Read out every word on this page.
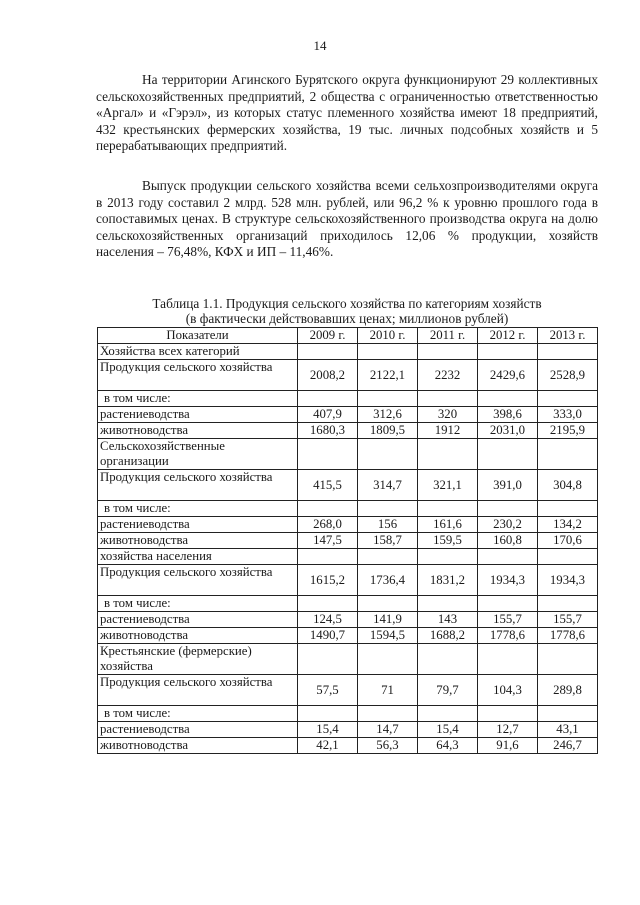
14

На территории Агинского Бурятского округа функционируют 29 коллективных сельскохозяйственных предприятий, 2 общества с ограниченностью ответственностью «Аргал» и «Гэрэл», из которых статус племенного хозяйства имеют 18 предприятий, 432 крестьянских фермерских хозяйства, 19 тыс. личных подсобных хозяйств и 5 перерабатывающих предприятий.

Выпуск продукции сельского хозяйства всеми сельхозпроизводителями округа в 2013 году составил 2 млрд. 528 млн. рублей, или 96,2 % к уровню прошлого года в сопоставимых ценах. В структуре сельскохозяйственного производства округа на долю сельскохозяйственных организаций приходилось 12,06 % продукции, хозяйств населения – 76,48%, КФХ и ИП – 11,46%.

Таблица 1.1. Продукция сельского хозяйства по категориям хозяйств
(в фактически действовавших ценах; миллионов рублей)
Показатели	2009 г.	2010 г.	2011 г.	2012 г.	2013 г.
Хозяйства всех категорий					
Продукция сельского хозяйства	2008,2	2122,1	2232	2429,6	2528,9
в том числе:					
растениеводства	407,9	312,6	320	398,6	333,0
животноводства	1680,3	1809,5	1912	2031,0	2195,9
Сельскохозяйственные организации					
Продукция сельского хозяйства	415,5	314,7	321,1	391,0	304,8
в том числе:					
растениеводства	268,0	156	161,6	230,2	134,2
животноводства	147,5	158,7	159,5	160,8	170,6
хозяйства населения					
Продукция сельского хозяйства	1615,2	1736,4	1831,2	1934,3	1934,3
в том числе:					
растениеводства	124,5	141,9	143	155,7	155,7
животноводства	1490,7	1594,5	1688,2	1778,6	1778,6
Крестьянские (фермерские) хозяйства					
Продукция сельского хозяйства	57,5	71	79,7	104,3	289,8
в том числе:					
растениеводства	15,4	14,7	15,4	12,7	43,1
животноводства	42,1	56,3	64,3	91,6	246,7
